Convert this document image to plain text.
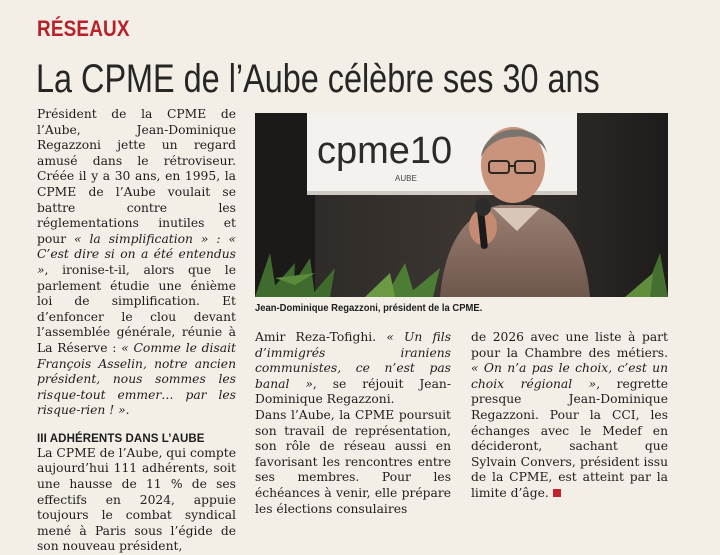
RÉSEAUX
La CPME de l’Aube célèbre ses 30 ans

Président de la CPME de l’Aube, Jean-Dominique Regazzoni jette un regard amusé dans le rétroviseur. Créée il y a 30 ans, en 1995, la CPME de l’Aube voulait se battre contre les réglementations inutiles et pour « la simplification » : « C’est dire si on a été entendus », ironise-t-il, alors que le parlement étudie une énième loi de simplification. Et d’enfoncer le clou devant l’assemblée générale, réunie à La Réserve : « Comme le disait François Asselin, notre ancien président, nous sommes les risque-tout emmer… par les risque-rien ! ».

III ADHÉRENTS DANS L’AUBE

La CPME de l’Aube, qui compte aujourd’hui 111 adhérents, soit une hausse de 11 % de ses effectifs en 2024, appuie toujours le combat syndical mené à Paris sous l’égide de son nouveau président,

cpme10
AUBE
Jean-Dominique Regazzoni, président de la CPME.

Amir Reza-Tofighi. « Un fils d’immigrés iraniens communistes, ce n’est pas banal », se réjouit Jean-Dominique Regazzoni.

Dans l’Aube, la CPME poursuit son travail de représentation, son rôle de réseau aussi en favorisant les rencontres entre ses membres. Pour les échéances à venir, elle prépare les élections consulaires

de 2026 avec une liste à part pour la Chambre des métiers. « On n’a pas le choix, c’est un choix régional », regrette presque Jean-Dominique Regazzoni. Pour la CCI, les échanges avec le Medef en décideront, sachant que Sylvain Convers, président issu de la CPME, est atteint par la limite d’âge.
